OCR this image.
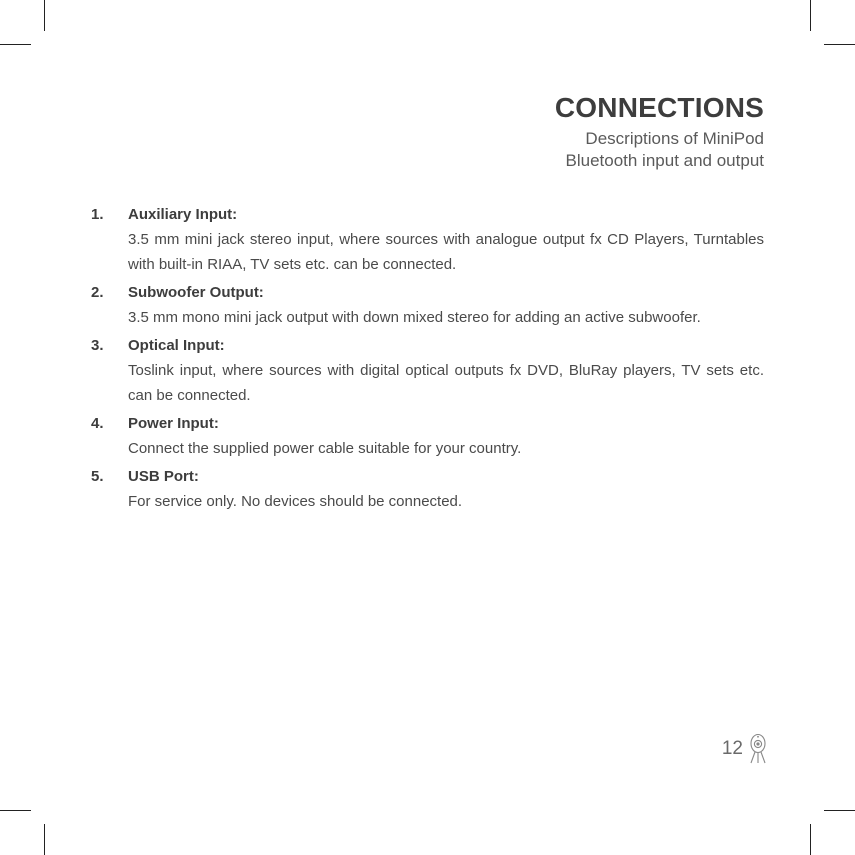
CONNECTIONS
Descriptions of MiniPod
Bluetooth input and output
1. Auxiliary Input:
3.5 mm mini jack stereo input, where sources with analogue output fx CD Players, Turntables with built-in RIAA, TV sets etc. can be connected.
2. Subwoofer Output:
3.5 mm mono mini jack output with down mixed stereo for adding an active subwoofer.
3. Optical Input:
Toslink input, where sources with digital optical outputs fx DVD, BluRay players, TV sets etc. can be connected.
4. Power Input:
Connect the supplied power cable suitable for your country.
5. USB Port:
For service only. No devices should be connected.
12
